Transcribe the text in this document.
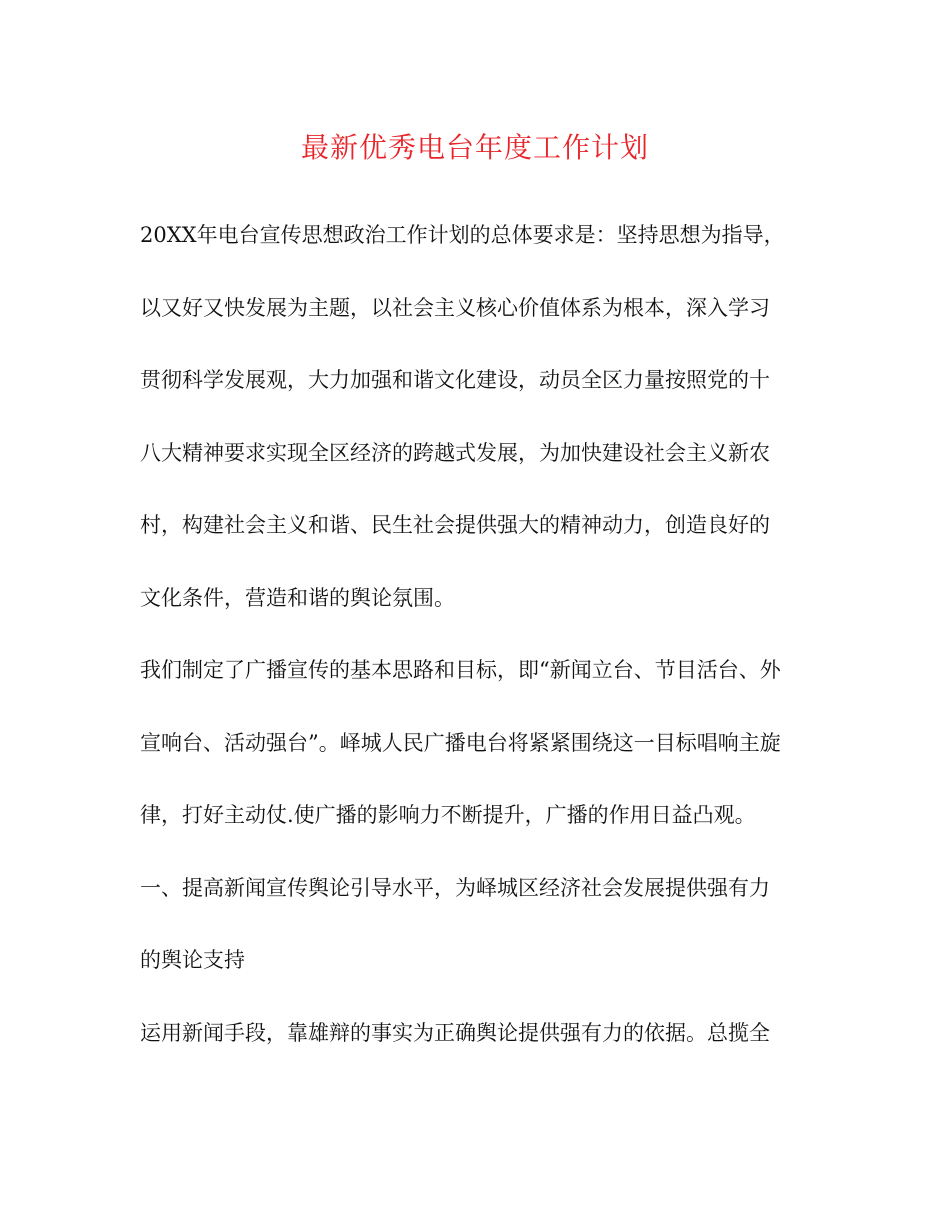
最新优秀电台年度工作计划
20XX年电台宣传思想政治工作计划的总体要求是：坚持思想为指导，
以又好又快发展为主题，以社会主义核心价值体系为根本，深入学习
贯彻科学发展观，大力加强和谐文化建设，动员全区力量按照党的十
八大精神要求实现全区经济的跨越式发展，为加快建设社会主义新农
村，构建社会主义和谐、民生社会提供强大的精神动力，创造良好的
文化条件，营造和谐的舆论氛围。
我们制定了广播宣传的基本思路和目标，即“新闻立台、节目活台、外
宣响台、活动强台”。峄城人民广播电台将紧紧围绕这一目标唱响主旋
律，打好主动仗.使广播的影响力不断提升，广播的作用日益凸观。
一、提高新闻宣传舆论引导水平，为峄城区经济社会发展提供强有力
的舆论支持
运用新闻手段，靠雄辩的事实为正确舆论提供强有力的依据。总揽全
